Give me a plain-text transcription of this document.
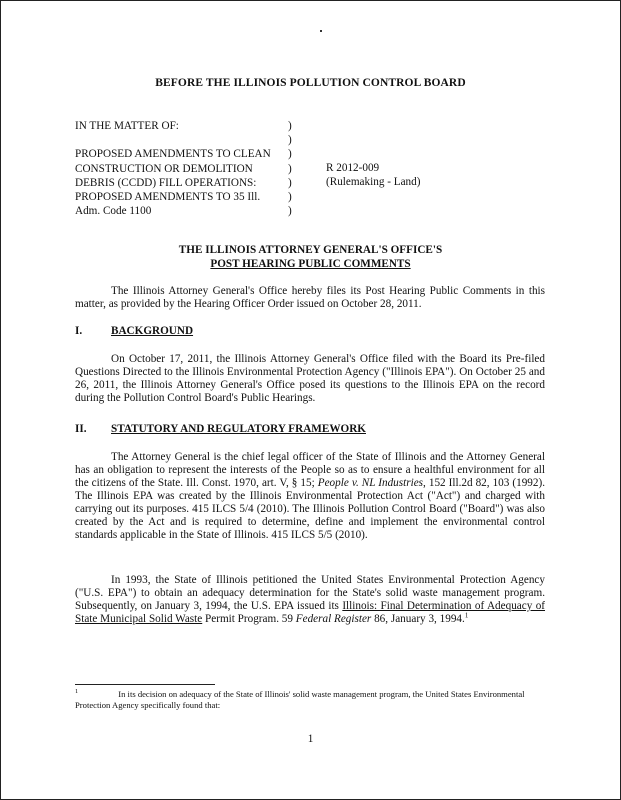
BEFORE THE ILLINOIS POLLUTION CONTROL BOARD
IN THE MATTER OF:

PROPOSED AMENDMENTS TO CLEAN
CONSTRUCTION OR DEMOLITION
DEBRIS (CCDD) FILL OPERATIONS:
PROPOSED AMENDMENTS TO 35 Ill.
Adm. Code 1100
)
)
)
)
)
)
)
R 2012-009
(Rulemaking - Land)
THE ILLINOIS ATTORNEY GENERAL'S OFFICE'S
POST HEARING PUBLIC COMMENTS

The Illinois Attorney General's Office hereby files its Post Hearing Public Comments in this matter, as provided by the Hearing Officer Order issued on October 28, 2011.

I.	BACKGROUND

On October 17, 2011, the Illinois Attorney General's Office filed with the Board its Pre-filed Questions Directed to the Illinois Environmental Protection Agency ("Illinois EPA"). On October 25 and 26, 2011, the Illinois Attorney General's Office posed its questions to the Illinois EPA on the record during the Pollution Control Board's Public Hearings.

II. STATUTORY AND REGULATORY FRAMEWORK

The Attorney General is the chief legal officer of the State of Illinois and the Attorney General has an obligation to represent the interests of the People so as to ensure a healthful environment for all the citizens of the State. Ill. Const. 1970, art. V, § 15; People v. NL Industries, 152 Ill.2d 82, 103 (1992). The Illinois EPA was created by the Illinois Environmental Protection Act ("Act") and charged with carrying out its purposes. 415 ILCS 5/4 (2010). The Illinois Pollution Control Board ("Board") was also created by the Act and is required to determine, define and implement the environmental control standards applicable in the State of Illinois. 415 ILCS 5/5 (2010).

In 1993, the State of Illinois petitioned the United States Environmental Protection Agency ("U.S. EPA") to obtain an adequacy determination for the State's solid waste management program. Subsequently, on January 3, 1994, the U.S. EPA issued its Illinois: Final Determination of Adequacy of State Municipal Solid Waste Permit Program. 59 Federal Register 86, January 3, 1994.$^1$

$^1$	In its decision on adequacy of the State of Illinois' solid waste management program, the United States Environmental Protection Agency specifically found that:
1
